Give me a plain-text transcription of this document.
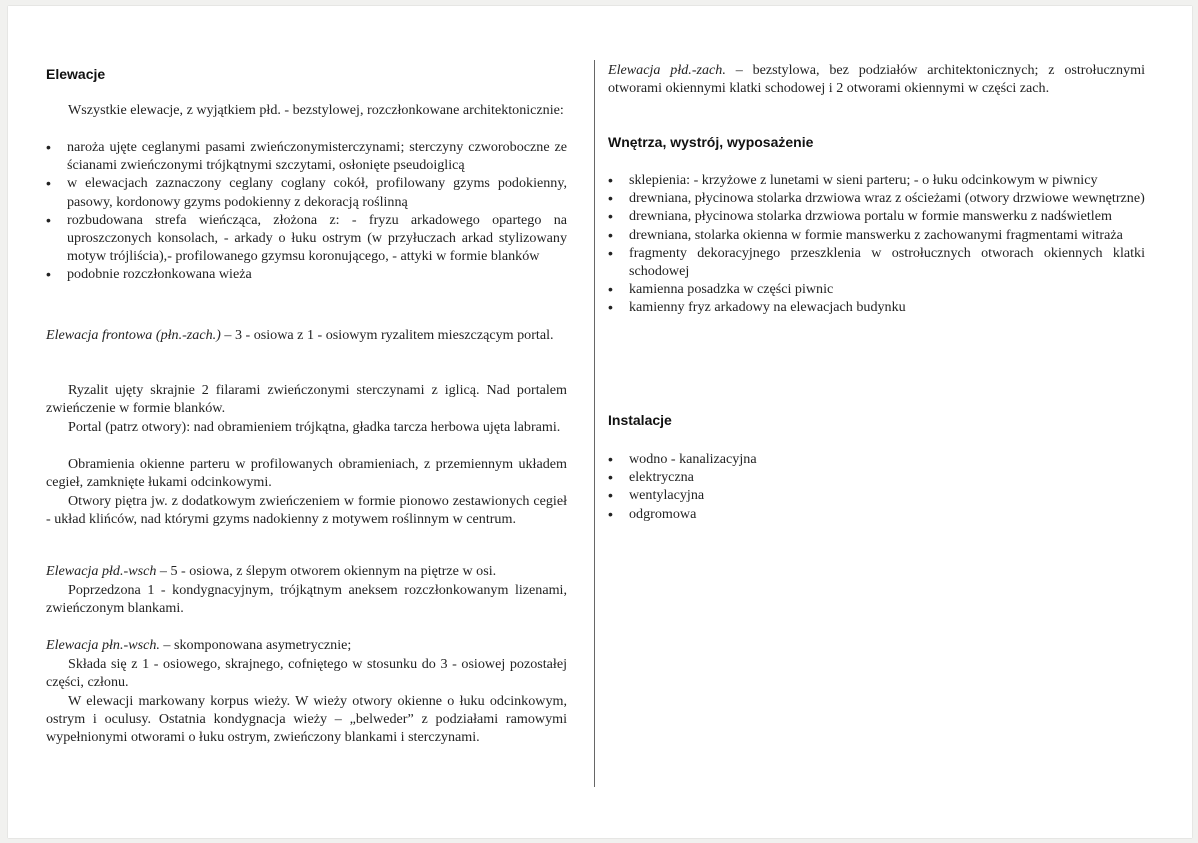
Elewacje

Wszystkie elewacje, z wyjątkiem płd. - bezstylowej, rozczłonkowane architektonicznie:

• naroża ujęte ceglanymi pasami zwieńczonymisterczynami; sterczyny czworoboczne ze ścianami zwieńczonymi trójkątnymi szczytami, osłonięte pseudoiglicą
• w elewacjach zaznaczony ceglany coglany cokół, profilowany gzyms podokienny, pasowy, kordonowy gzyms podokienny z dekoracją roślinną
• rozbudowana strefa wieńcząca, złożona z: - fryzu arkadowego opartego na uproszczonych konsolach, - arkady o łuku ostrym (w przyłuczach arkad stylizowany motyw trójliścia),- profilowanego gzymsu koronującego, - attyki w formie blanków
• podobnie rozczłonkowana wieża

Elewacja frontowa (płn.-zach.) – 3 - osiowa z 1 - osiowym ryzalitem mieszczącym portal.

Ryzalit ujęty skrajnie 2 filarami zwieńczonymi sterczynami z iglicą. Nad portalem zwieńczenie w formie blanków.

Portal (patrz otwory): nad obramieniem trójkątna, gładka tarcza herbowa ujęta labrami.

Obramienia okienne parteru w profilowanych obramieniach, z przemiennym układem cegieł, zamknięte łukami odcinkowymi.

Otwory piętra jw. z dodatkowym zwieńczeniem w formie pionowo zestawionych cegieł - układ klińców, nad którymi gzyms nadokienny z motywem roślinnym w centrum.

Elewacja płd.-wsch – 5 - osiowa, z ślepym otworem okiennym na piętrze w osi.

Poprzedzona 1 - kondygnacyjnym, trójkątnym aneksem rozczłonkowanym lizenami, zwieńczonym blankami.

Elewacja płn.-wsch. – skomponowana asymetrycznie;

Składa się z 1 - osiowego, skrajnego, cofniętego w stosunku do 3 - osiowej pozostałej części, członu.

W elewacji markowany korpus wieży. W wieży otwory okienne o łuku odcinkowym, ostrym i oculusy. Ostatnia kondygnacja wieży – „belweder” z podziałami ramowymi wypełnionymi otworami o łuku ostrym, zwieńczony blankami i sterczynami.

Elewacja płd.-zach. – bezstylowa, bez podziałów architektonicznych; z ostrołucznymi otworami okiennymi klatki schodowej i 2 otworami okiennymi w części zach.

Wnętrza, wystrój, wyposażenie
• sklepienia: - krzyżowe z lunetami w sieni parteru; - o łuku odcinkowym w piwnicy
• drewniana, płycinowa stolarka drzwiowa wraz z ościeżami (otwory drzwiowe wewnętrzne)
• drewniana, płycinowa stolarka drzwiowa portalu w formie manswerku z nadświetlem
• drewniana, stolarka okienna w formie manswerku z zachowanymi fragmentami witraża
• fragmenty dekoracyjnego przeszklenia w ostrołucznych otworach okiennych klatki schodowej
• kamienna posadzka w części piwnic
• kamienny fryz arkadowy na elewacjach budynku
Instalacje
• wodno - kanalizacyjna
• elektryczna
• wentylacyjna
• odgromowa
